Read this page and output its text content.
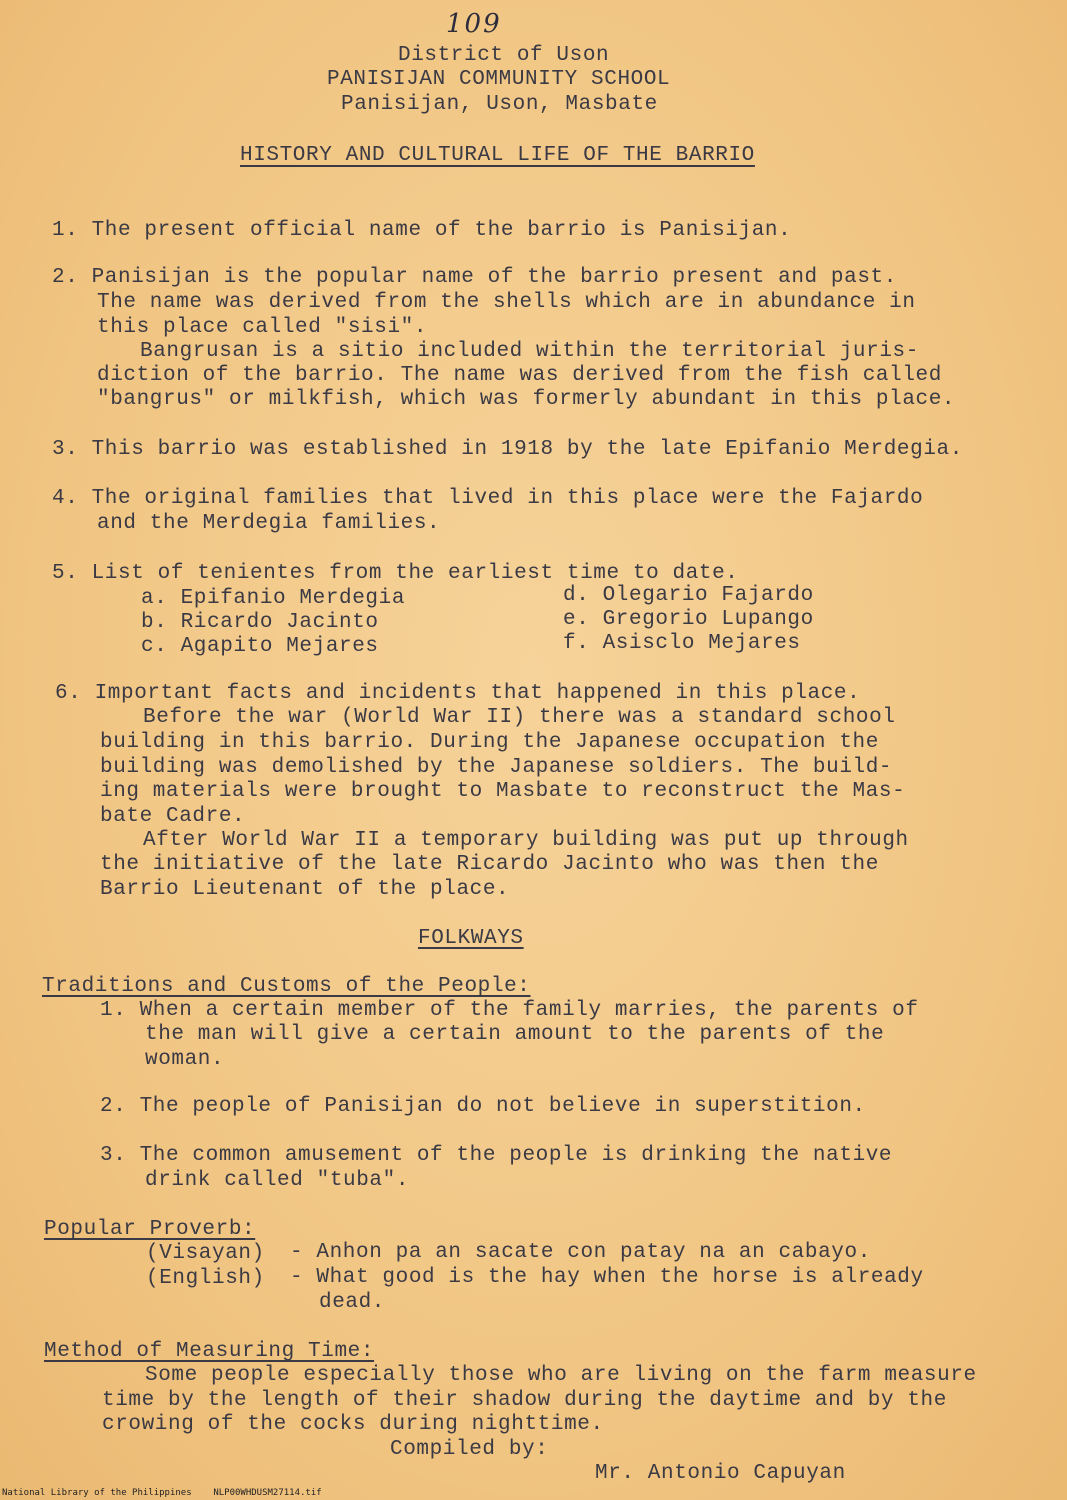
109
District of Uson
PANISIJAN COMMUNITY SCHOOL
Panisijan, Uson, Masbate
HISTORY AND CULTURAL LIFE OF THE BARRIO
1. The present official name of the barrio is Panisijan.
2. Panisijan is the popular name of the barrio present and past.
The name was derived from the shells which are in abundance in
this place called "sisi".
Bangrusan is a sitio included within the territorial juris-
diction of the barrio. The name was derived from the fish called
"bangrus" or milkfish, which was formerly abundant in this place.
3. This barrio was established in 1918 by the late Epifanio Merdegia.
4. The original families that lived in this place were the Fajardo
and the Merdegia families.
5. List of tenientes from the earliest time to date.
a. Epifanio Merdegia
b. Ricardo Jacinto
c. Agapito Mejares
d. Olegario Fajardo
e. Gregorio Lupango
f. Asisclo Mejares
6. Important facts and incidents that happened in this place.
Before the war (World War II) there was a standard school
building in this barrio. During the Japanese occupation the
building was demolished by the Japanese soldiers. The build-
ing materials were brought to Masbate to reconstruct the Mas-
bate Cadre.
After World War II a temporary building was put up through
the initiative of the late Ricardo Jacinto who was then the
Barrio Lieutenant of the place.
FOLKWAYS
Traditions and Customs of the People:
1. When a certain member of the family marries, the parents of
the man will give a certain amount to the parents of the
woman.
2. The people of Panisijan do not believe in superstition.
3. The common amusement of the people is drinking the native
drink called "tuba".
Popular Proverb:
(Visayan) - Anhon pa an sacate con patay na an cabayo.
(English) - What good is the hay when the horse is already
dead.
Method of Measuring Time:
Some people especially those who are living on the farm measure
time by the length of their shadow during the daytime and by the
crowing of the cocks during nighttime.
Compiled by:
Mr. Antonio Capuyan
National Library of the Philippines    NLP00WHDUSM27114.tif
